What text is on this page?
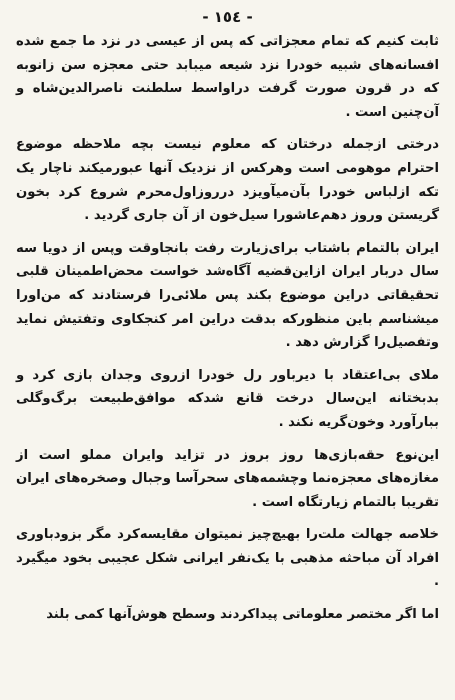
- ١٥٤ -

ثابت کنیم که تمام معجزاتی که پس از عیسی در نزد ما جمع شده افسانه‌های شبیه خودرا نزد شیعه میبابد حتی معجزه سن زانوبه که در قرون صورت گرفت دراواسط سلطنت ناصرالدین‌شاه و آن‌چنین است .

درختی ازجمله درختان که معلوم نیست بچه ملاحظه موضوع احترام موهومی است وهرکس از نزدیک آنها عبورمیکند ناچار یک تکه ازلباس خودرا بآن‌میآویزد درروزاول‌محرم شروع کرد بخون گریستن وروز دهم‌عاشورا سیل‌خون از آن جاری گردید .

ایران بالتمام باشتاب برای‌زیارت رفت بانجاوقت وپس از دویا سه سال دربار ایران ازاین‌قضیه آگاه‌شد خواست محض‌اطمینان قلبی تحقیقاتی دراین موضوع بکند پس ملائی‌را فرستادند که من‌اورا میشناسم باین منظورکه بدقت دراین امر کنجکاوی وتفتیش نماید وتفصیل‌را گزارش دهد .

ملای بی‌اعتقاد با دیرباور رل خودرا ازروی وجدان بازی کرد و بدبختانه این‌سال درخت قانع شدکه موافق‌طبیعت برگ‌وگلی ببارآورد وخون‌گریه نکند .

این‌نوع حقه‌بازی‌ها روز بروز در تزاید وایران مملو است از مغازه‌های معجزه‌نما وچشمه‌های سحرآسا وجبال وصخره‌های ایران تقریبا بالتمام زیارتگاه است .

خلاصه جهالت ملت‌را بهیچ‌چیز نمیتوان مقایسه‌کرد مگر بزود‌باوری افراد آن مباحثه مذهبی با یک‌نفر ایرانی شکل عجیبی بخود میگیرد .

اما اگر مختصر معلوماتی پیداکردند وسطح هوش‌آنها کمی بلند
